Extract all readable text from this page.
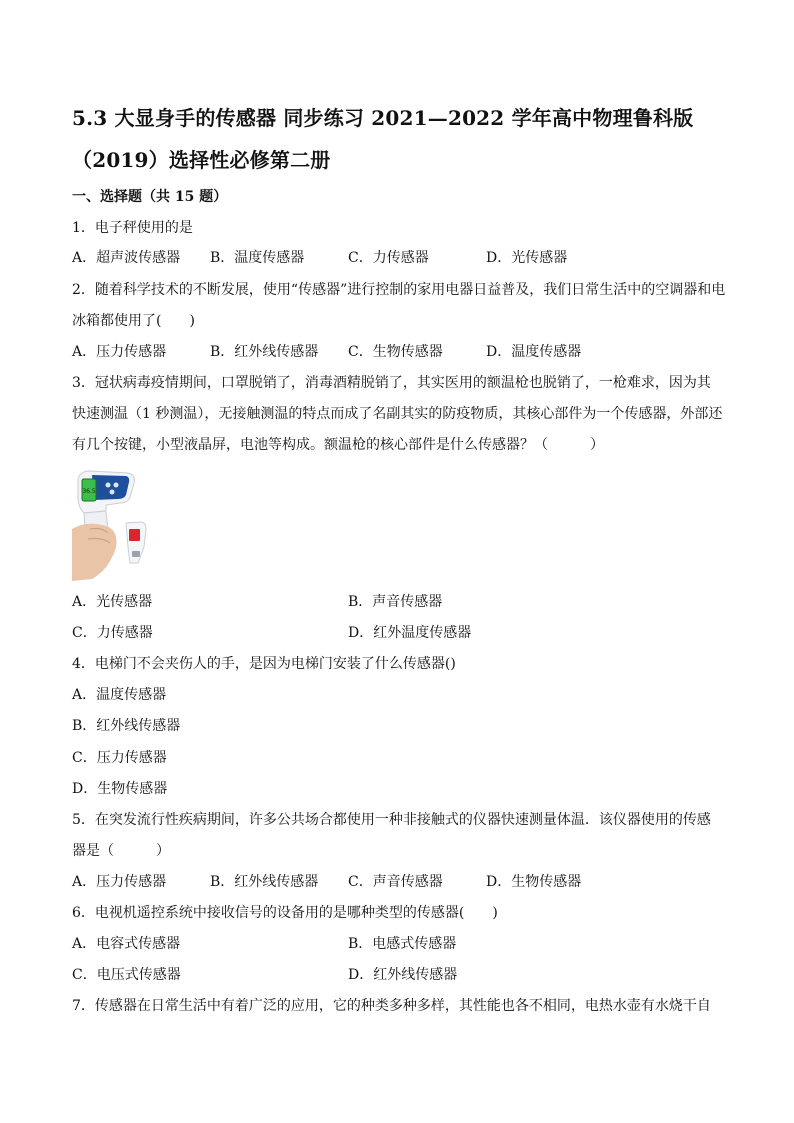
5.3 大显身手的传感器 同步练习 2021—2022 学年高中物理鲁科版
（2019）选择性必修第二册
一、选择题（共 15 题）
1．电子秤使用的是
A．超声波传感器 B．温度传感器	C．力传感器	D．光传感器
2．随着科学技术的不断发展，使用“传感器”进行控制的家用电器日益普及，我们日常生活中的空调器和电
冰箱都使用了(　　)
A．压力传感器	B．红外线传感器 C．生物传感器	D．温度传感器
3．冠状病毒疫情期间，口罩脱销了，消毒酒精脱销了，其实医用的额温枪也脱销了，一枪难求，因为其
快速测温（1 秒测温），无接触测温的特点而成了名副其实的防疫物质，其核心部件为一个传感器，外部还
有几个按键，小型液晶屏，电池等构成。额温枪的核心部件是什么传感器？（　　　）
36.5
A．光传感器	B．声音传感器
C．力传感器	D．红外温度传感器
4．电梯门不会夹伤人的手，是因为电梯门安装了什么传感器()
A．温度传感器
B．红外线传感器
C．压力传感器
D．生物传感器
5．在突发流行性疾病期间，许多公共场合都使用一种非接触式的仪器快速测量体温．该仪器使用的传感
器是（　　　）
A．压力传感器	B．红外线传感器 C．声音传感器	D．生物传感器
6．电视机遥控系统中接收信号的设备用的是哪种类型的传感器(　　)
A．电容式传感器	B．电感式传感器
C．电压式传感器	D．红外线传感器
7．传感器在日常生活中有着广泛的应用，它的种类多种多样，其性能也各不相同，电热水壶有水烧干自
